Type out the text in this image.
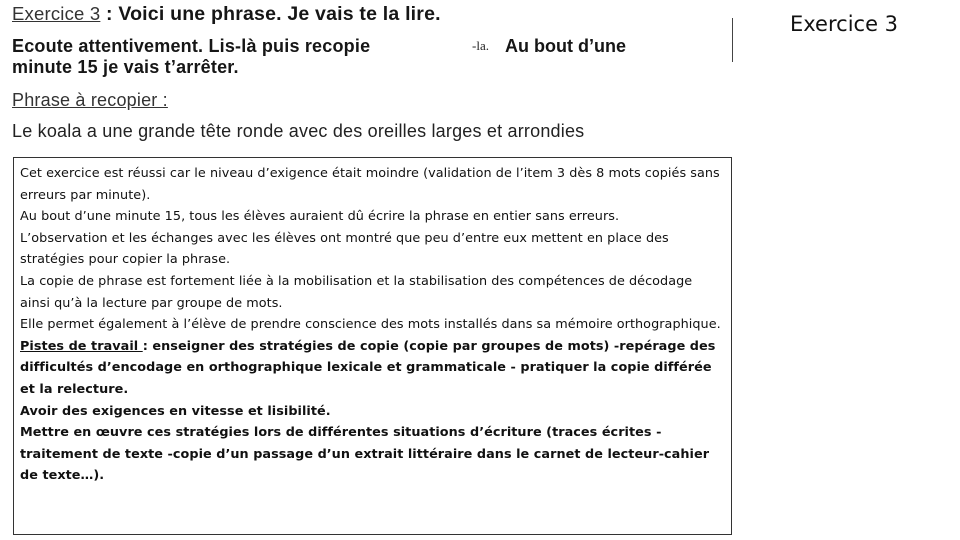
Exercice 3 : Voici une phrase. Je vais te la lire.
Ecoute attentivement. Lis-là puis recopie	-la. Au bout d’une
minute 15 je vais t’arrêter.
Phrase à recopier :
Le koala a une grande tête ronde avec des oreilles larges et arrondies
Exercice 3

Cet exercice est réussi car le niveau d’exigence était moindre (validation de l’item 3 dès 8 mots copiés sans erreurs par minute).

Au bout d’une minute 15, tous les élèves auraient dû écrire la phrase en entier sans erreurs.

L’observation et les échanges avec les élèves ont montré que peu d’entre eux mettent en place des stratégies pour copier la phrase.

La copie de phrase est fortement liée à la mobilisation et la stabilisation des compétences de décodage ainsi qu’à la lecture par groupe de mots.

Elle permet également à l’élève de prendre conscience des mots installés dans sa mémoire orthographique.

Pistes de travail : enseigner des stratégies de copie (copie par groupes de mots) -repérage des difficultés d’encodage en orthographique lexicale et grammaticale - pratiquer la copie différée et la relecture.

Avoir des exigences en vitesse et lisibilité.

Mettre en œuvre ces stratégies lors de différentes situations d’écriture (traces écrites - traitement de texte -copie d’un passage d’un extrait littéraire dans le carnet de lecteur-cahier de texte…).
